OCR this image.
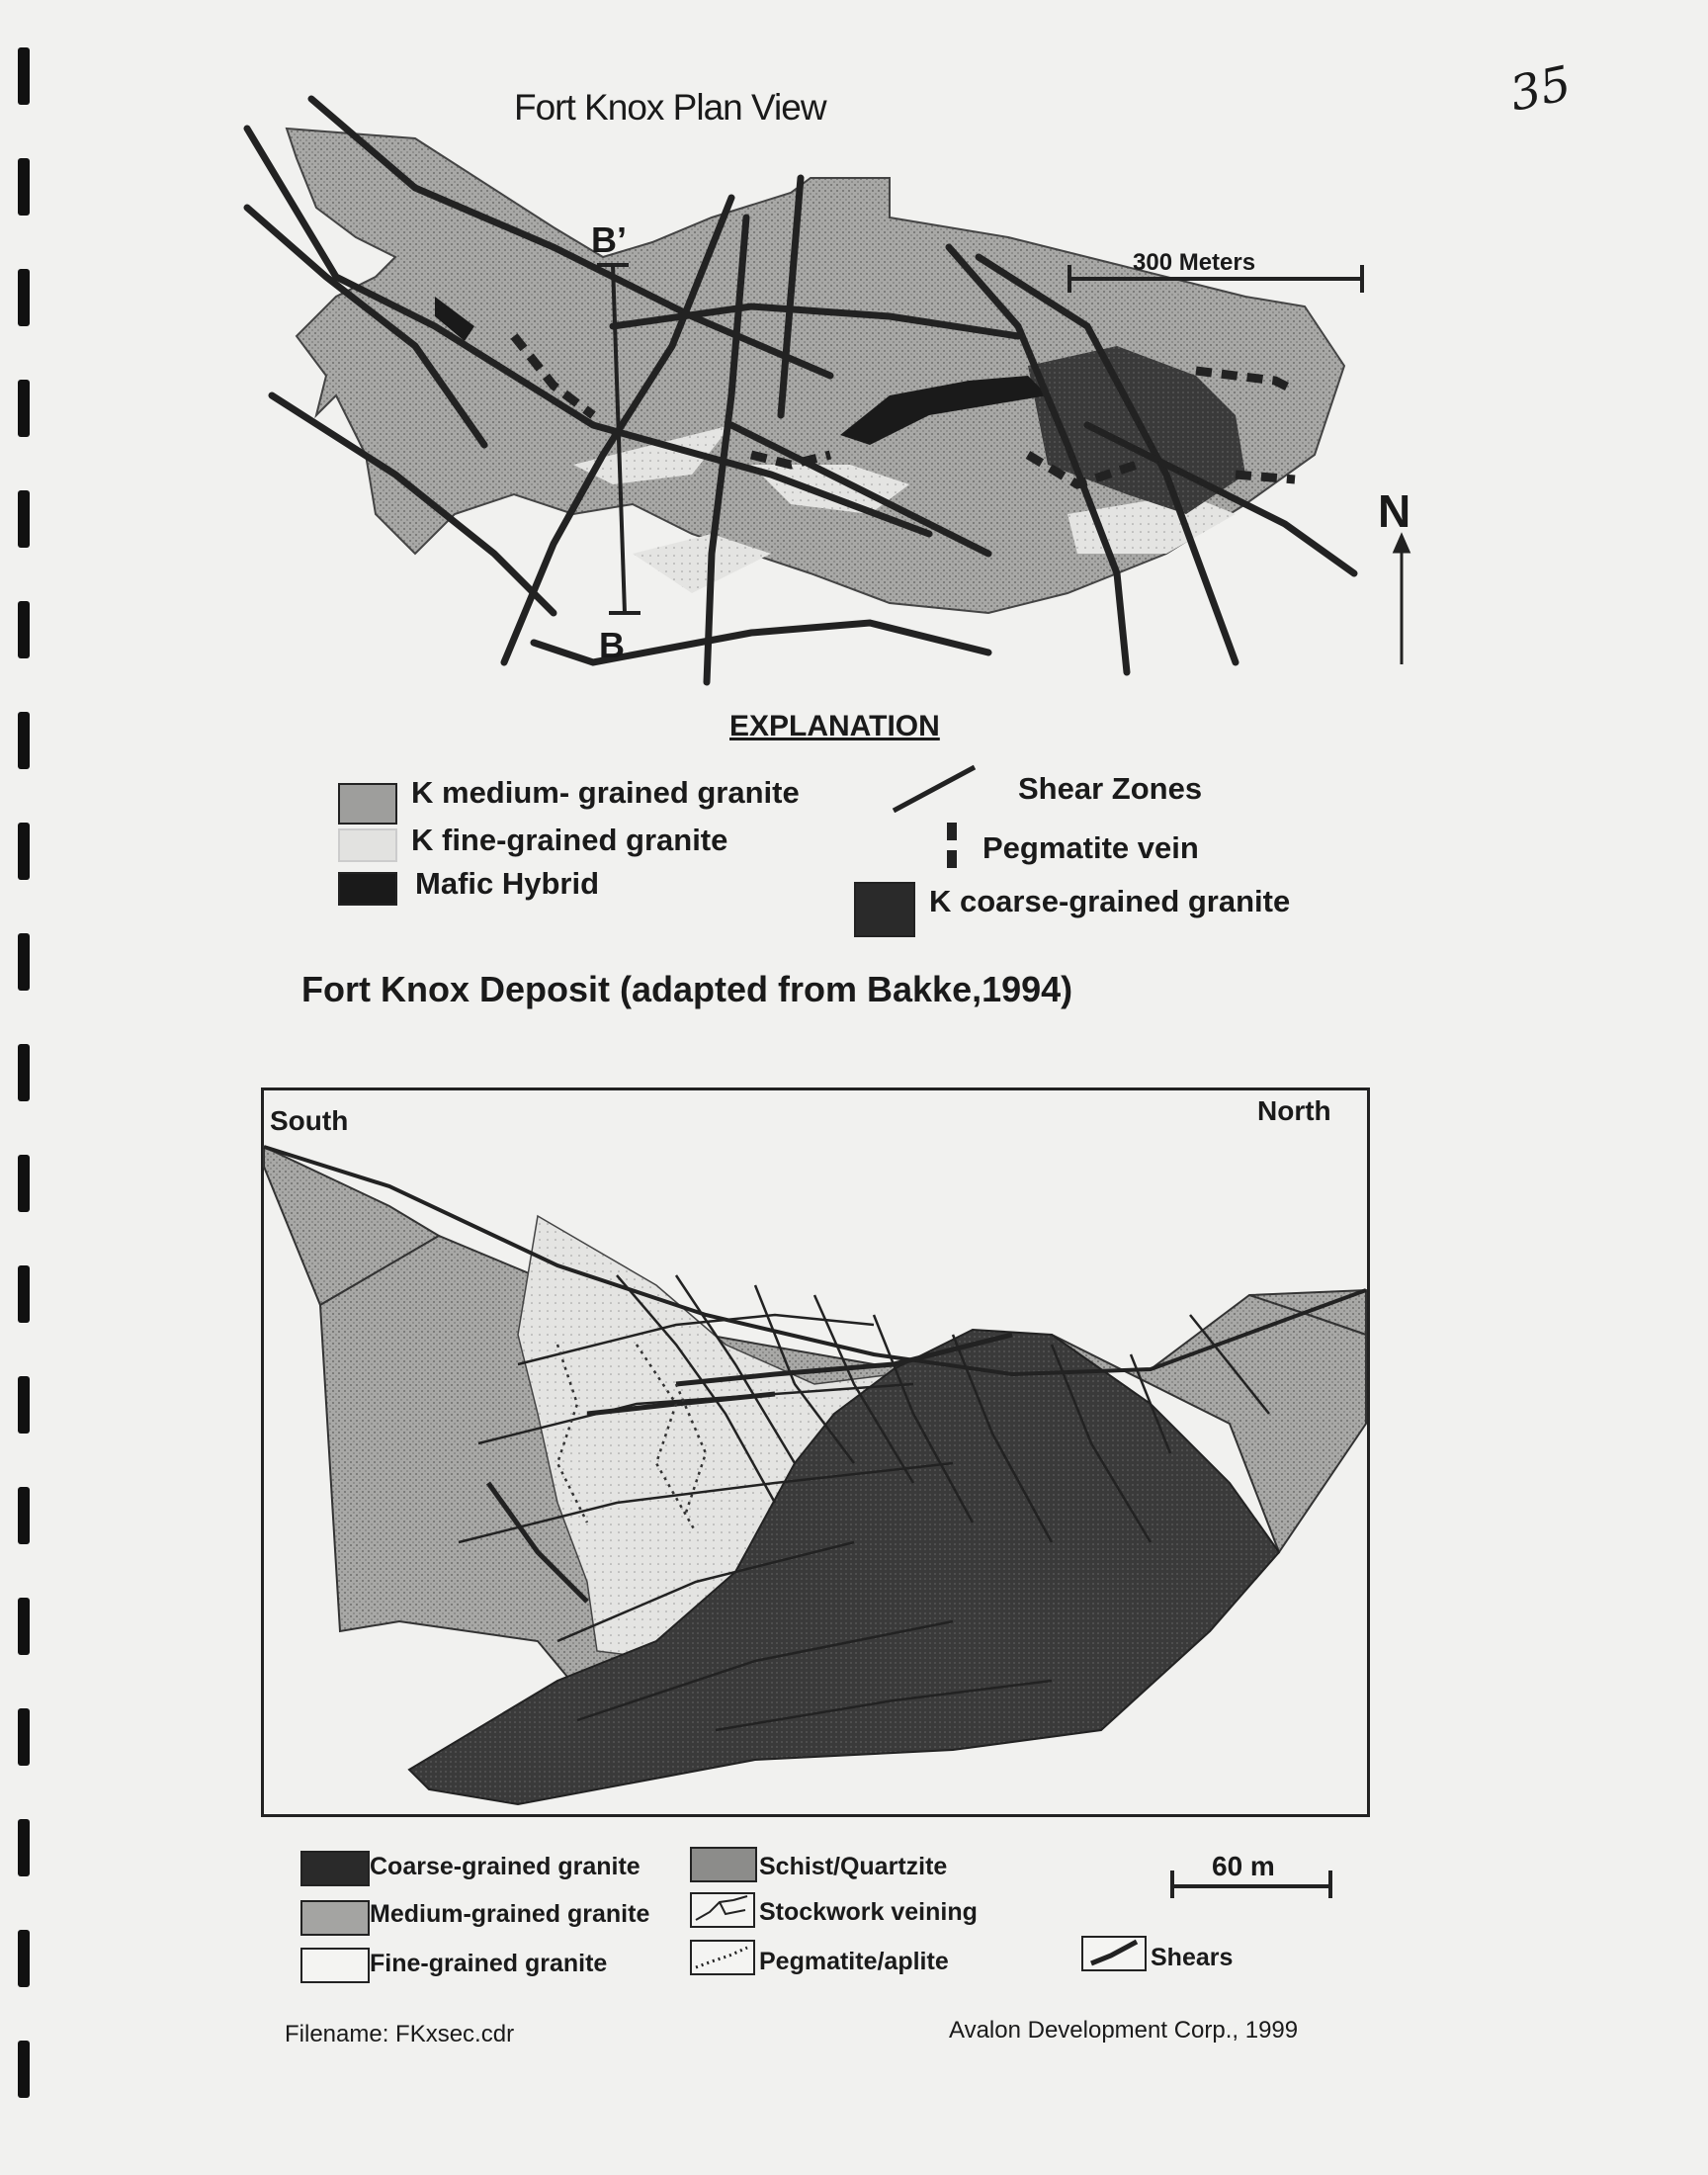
35
Fort Knox Plan View
B’
B
300 Meters
N
EXPLANATION
K medium- grained granite
K fine-grained granite
Mafic Hybrid
Shear Zones
Pegmatite vein
K coarse-grained granite
Fort Knox Deposit (adapted from Bakke,1994)
South	North
Coarse-grained granite
Medium-grained granite
Fine-grained granite
Schist/Quartzite
Stockwork veining
Pegmatite/aplite	Shears
60 m
Filename: FKxsec.cdr	Avalon Development Corp., 1999
